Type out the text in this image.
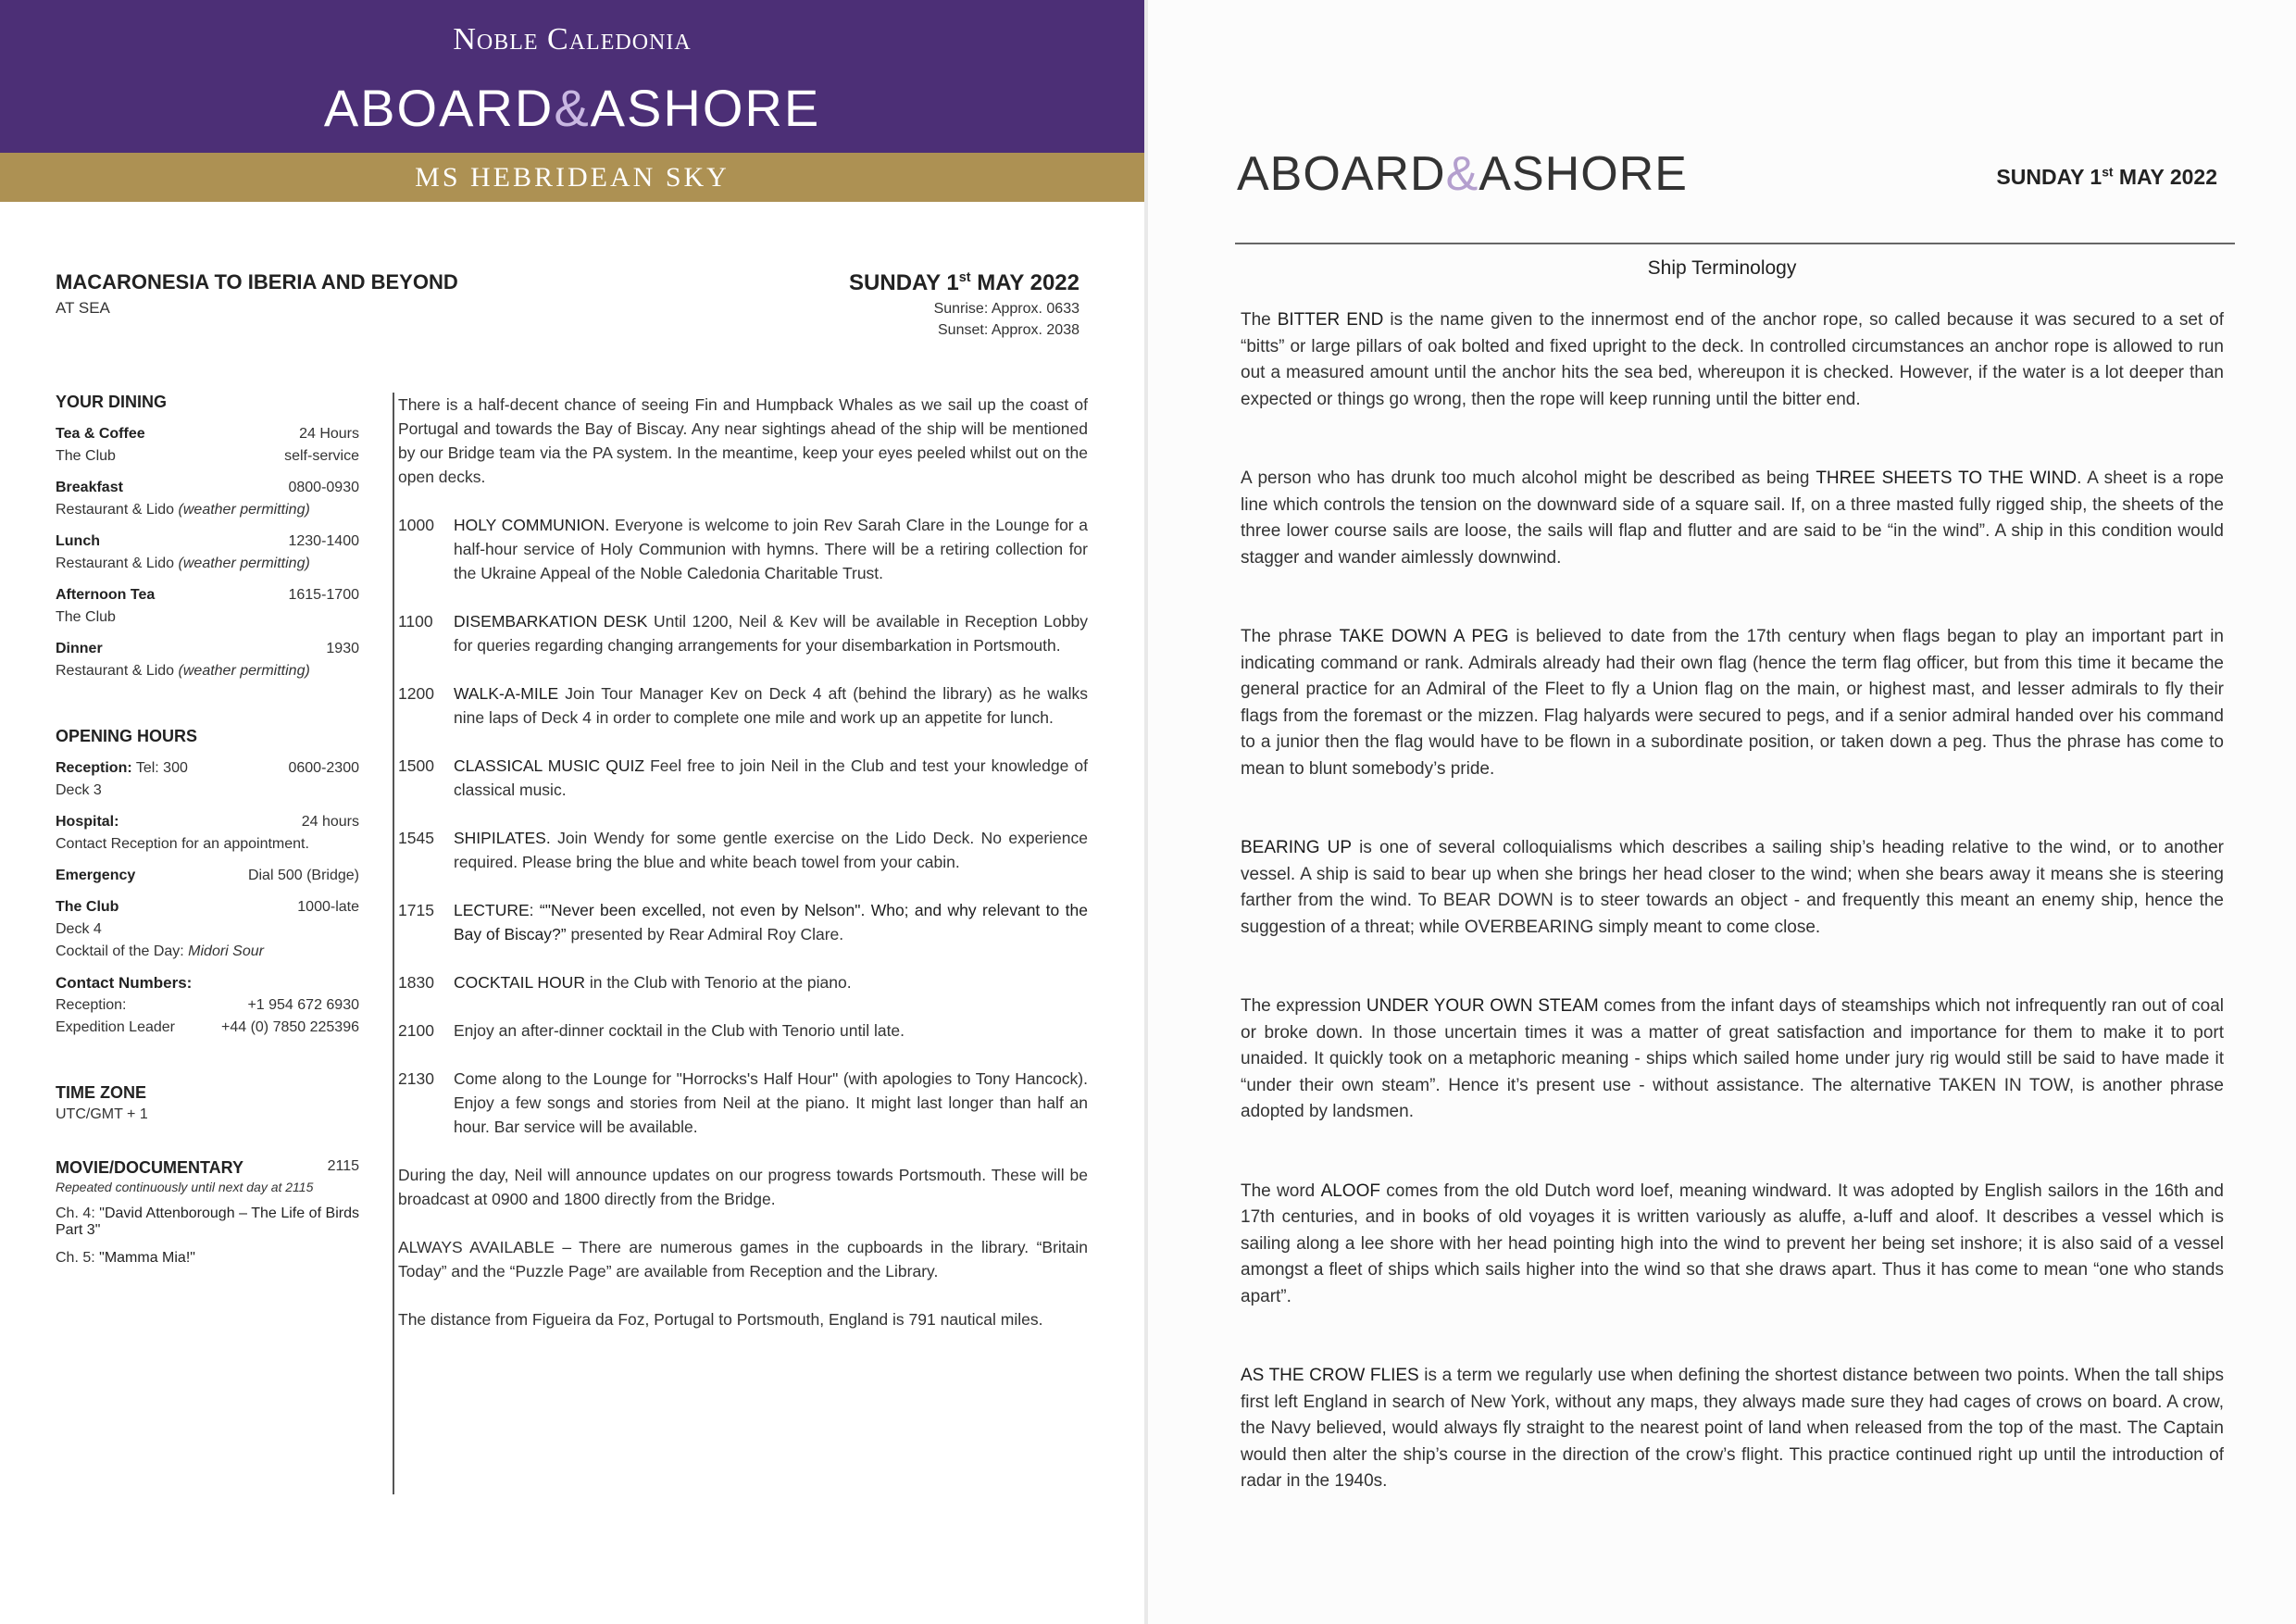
Noble Caledonia
ABOARD&ASHORE
MS HEBRIDEAN SKY
MACARONESIA TO IBERIA AND BEYOND
AT SEA
SUNDAY 1st MAY 2022
Sunrise: Approx. 0633
Sunset: Approx. 2038
YOUR DINING
Tea & Coffee	24 Hours
The Club	self-service
Breakfast	0800-0930
Restaurant & Lido (weather permitting)
Lunch	1230-1400
Restaurant & Lido (weather permitting)
Afternoon Tea	1615-1700
The Club
Dinner	1930
Restaurant & Lido (weather permitting)
OPENING HOURS
Reception: Tel: 300	0600-2300
Deck 3
Hospital:	24 hours
Contact Reception for an appointment.
Emergency	Dial 500 (Bridge)
The Club	1000-late
Deck 4
Cocktail of the Day: Midori Sour
Contact Numbers:
Reception:	+1 954 672 6930
Expedition Leader	+44 (0) 7850 225396
TIME ZONE
UTC/GMT + 1
MOVIE/DOCUMENTARY	2115
Repeated continuously until next day at 2115
Ch. 4: "David Attenborough – The Life of Birds Part 3"
Ch. 5: "Mamma Mia!"

There is a half-decent chance of seeing Fin and Humpback Whales as we sail up the coast of Portugal and towards the Bay of Biscay. Any near sightings ahead of the ship will be mentioned by our Bridge team via the PA system. In the meantime, keep your eyes peeled whilst out on the open decks.

1000	HOLY COMMUNION. Everyone is welcome to join Rev Sarah Clare in the Lounge for a half-hour service of Holy Communion with hymns. There will be a retiring collection for the Ukraine Appeal of the Noble Caledonia Charitable Trust.
1100	DISEMBARKATION DESK Until 1200, Neil & Kev will be available in Reception Lobby for queries regarding changing arrangements for your disembarkation in Portsmouth.
1200	WALK-A-MILE Join Tour Manager Kev on Deck 4 aft (behind the library) as he walks nine laps of Deck 4 in order to complete one mile and work up an appetite for lunch.
1500	CLASSICAL MUSIC QUIZ Feel free to join Neil in the Club and test your knowledge of classical music.
1545	SHIPILATES. Join Wendy for some gentle exercise on the Lido Deck. No experience required. Please bring the blue and white beach towel from your cabin.
1715	LECTURE: “"Never been excelled, not even by Nelson". Who; and why relevant to the Bay of Biscay?” presented by Rear Admiral Roy Clare.
1830	COCKTAIL HOUR in the Club with Tenorio at the piano.
2100	Enjoy an after-dinner cocktail in the Club with Tenorio until late.
2130	Come along to the Lounge for "Horrocks's Half Hour" (with apologies to Tony Hancock). Enjoy a few songs and stories from Neil at the piano. It might last longer than half an hour. Bar service will be available.

During the day, Neil will announce updates on our progress towards Portsmouth. These will be broadcast at 0900 and 1800 directly from the Bridge.

ALWAYS AVAILABLE – There are numerous games in the cupboards in the library. “Britain Today” and the “Puzzle Page” are available from Reception and the Library.

The distance from Figueira da Foz, Portugal to Portsmouth, England is 791 nautical miles.

ABOARD&ASHORE	SUNDAY 1st MAY 2022
Ship Terminology

The BITTER END is the name given to the innermost end of the anchor rope, so called because it was secured to a set of “bitts” or large pillars of oak bolted and fixed upright to the deck. In controlled circumstances an anchor rope is allowed to run out a measured amount until the anchor hits the sea bed, whereupon it is checked. However, if the water is a lot deeper than expected or things go wrong, then the rope will keep running until the bitter end.

A person who has drunk too much alcohol might be described as being THREE SHEETS TO THE WIND. A sheet is a rope line which controls the tension on the downward side of a square sail. If, on a three masted fully rigged ship, the sheets of the three lower course sails are loose, the sails will flap and flutter and are said to be “in the wind”. A ship in this condition would stagger and wander aimlessly downwind.

The phrase TAKE DOWN A PEG is believed to date from the 17th century when flags began to play an important part in indicating command or rank. Admirals already had their own flag (hence the term flag officer, but from this time it became the general practice for an Admiral of the Fleet to fly a Union flag on the main, or highest mast, and lesser admirals to fly their flags from the foremast or the mizzen. Flag halyards were secured to pegs, and if a senior admiral handed over his command to a junior then the flag would have to be flown in a subordinate position, or taken down a peg. Thus the phrase has come to mean to blunt somebody’s pride.

BEARING UP is one of several colloquialisms which describes a sailing ship’s heading relative to the wind, or to another vessel. A ship is said to bear up when she brings her head closer to the wind; when she bears away it means she is steering farther from the wind. To BEAR DOWN is to steer towards an object - and frequently this meant an enemy ship, hence the suggestion of a threat; while OVERBEARING simply meant to come close.

The expression UNDER YOUR OWN STEAM comes from the infant days of steamships which not infrequently ran out of coal or broke down. In those uncertain times it was a matter of great satisfaction and importance for them to make it to port unaided. It quickly took on a metaphoric meaning - ships which sailed home under jury rig would still be said to have made it “under their own steam”. Hence it’s present use - without assistance. The alternative TAKEN IN TOW, is another phrase adopted by landsmen.

The word ALOOF comes from the old Dutch word loef, meaning windward. It was adopted by English sailors in the 16th and 17th centuries, and in books of old voyages it is written variously as aluffe, a-luff and aloof. It describes a vessel which is sailing along a lee shore with her head pointing high into the wind to prevent her being set inshore; it is also said of a vessel amongst a fleet of ships which sails higher into the wind so that she draws apart. Thus it has come to mean “one who stands apart”.

AS THE CROW FLIES is a term we regularly use when defining the shortest distance between two points. When the tall ships first left England in search of New York, without any maps, they always made sure they had cages of crows on board. A crow, the Navy believed, would always fly straight to the nearest point of land when released from the top of the mast. The Captain would then alter the ship’s course in the direction of the crow’s flight. This practice continued right up until the introduction of radar in the 1940s.
